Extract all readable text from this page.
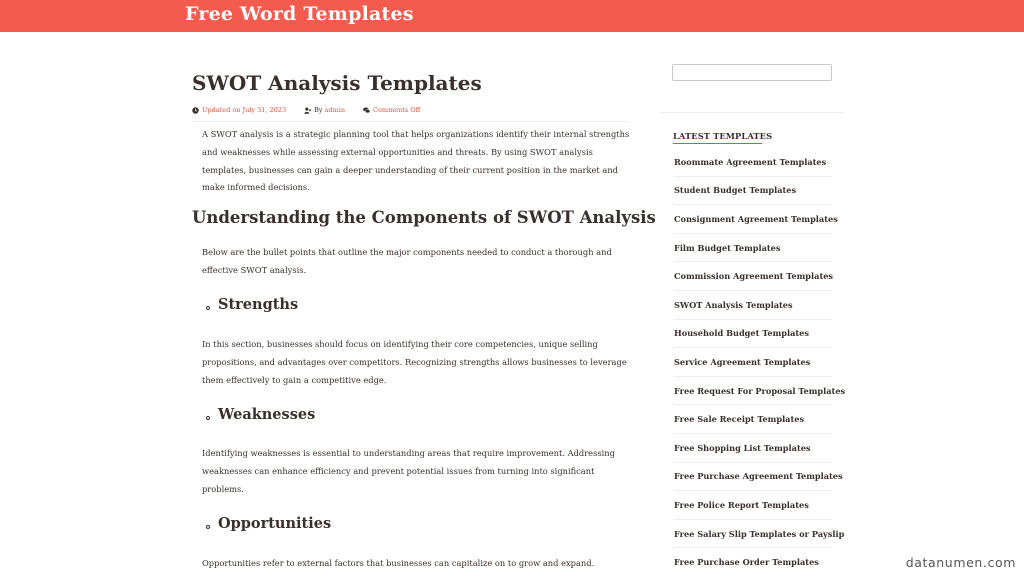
Free Word Templates
SWOT Analysis Templates
Updated on July 31, 2023	By admin	Comments Off

A SWOT analysis is a strategic planning tool that helps organizations identify their internal strengths and weaknesses while assessing external opportunities and threats. By using SWOT analysis templates, businesses can gain a deeper understanding of their current position in the market and make informed decisions.

Understanding the Components of SWOT Analysis

Below are the bullet points that outline the major components needed to conduct a thorough and effective SWOT analysis.

Strengths

In this section, businesses should focus on identifying their core competencies, unique selling propositions, and advantages over competitors. Recognizing strengths allows businesses to leverage them effectively to gain a competitive edge.

Weaknesses

Identifying weaknesses is essential to understanding areas that require improvement. Addressing weaknesses can enhance efficiency and prevent potential issues from turning into significant problems.

Opportunities

Opportunities refer to external factors that businesses can capitalize on to grow and expand.

LATEST TEMPLATES
Roommate Agreement Templates
Student Budget Templates
Consignment Agreement Templates
Film Budget Templates
Commission Agreement Templates
SWOT Analysis Templates
Household Budget Templates
Service Agreement Templates
Free Request For Proposal Templates
Free Sale Receipt Templates
Free Shopping List Templates
Free Purchase Agreement Templates
Free Police Report Templates
Free Salary Slip Templates or Payslip
Free Purchase Order Templates	datanumen.com
